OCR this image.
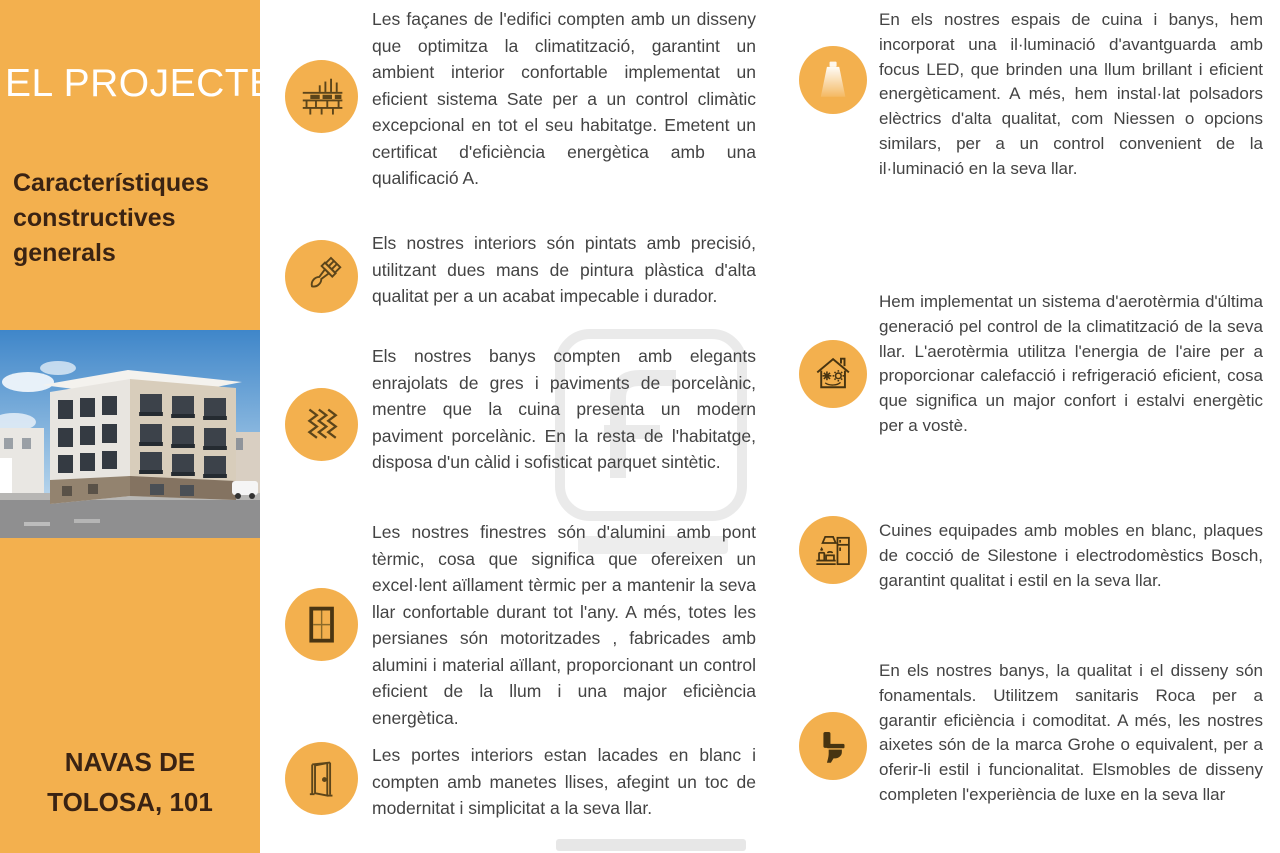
EL PROJECTE
Característiques constructives generals
NAVAS DE TOLOSA, 101
Les façanes de l'edifici compten amb un disseny que optimitza la climatització, garantint un ambient interior confortable implementat un eficient sistema Sate per a un control climàtic excepcional en tot el seu habitatge. Emetent un certificat d'eficiència energètica amb una qualificació A.
Els nostres interiors són pintats amb precisió, utilitzant dues mans de pintura plàstica d'alta qualitat per a un acabat impecable i durador.
Els nostres banys compten amb elegants enrajolats de gres i paviments de porcelànic, mentre que la cuina presenta un modern paviment porcelànic. En la resta de l'habitatge, disposa d'un càlid i sofisticat parquet sintètic.
Les nostres finestres són d'alumini amb pont tèrmic, cosa que significa que ofereixen un excel·lent aïllament tèrmic per a mantenir la seva llar confortable durant tot l'any. A més, totes les persianes són motoritzades , fabricades amb alumini i material aïllant, proporcionant un control eficient de la llum i una major eficiència energètica.
Les portes interiors estan lacades en blanc i compten amb manetes llises, afegint un toc de modernitat i simplicitat a la seva llar.
En els nostres espais de cuina i banys, hem incorporat una il·luminació d'avantguarda amb focus LED, que brinden una llum brillant i eficient energèticament. A més, hem instal·lat polsadors elèctrics d'alta qualitat, com Niessen o opcions similars, per a un control convenient de la il·luminació en la seva llar.
Hem implementat un sistema d'aerotèrmia d'última generació pel control de la climatització de la seva llar. L'aerotèrmia utilitza l'energia de l'aire per a proporcionar calefacció i refrigeració eficient, cosa que significa un major confort i estalvi energètic per a vostè.
Cuines equipades amb mobles en blanc, plaques de cocció de Silestone i electrodomèstics Bosch, garantint qualitat i estil en la seva llar.
En els nostres banys, la qualitat i el disseny són fonamentals. Utilitzem sanitaris Roca per a garantir eficiència i comoditat. A més, les nostres aixetes són de la marca Grohe o equivalent, per a oferir-li estil i funcionalitat. Elsmobles de disseny completen l'experiència de luxe en la seva llar
